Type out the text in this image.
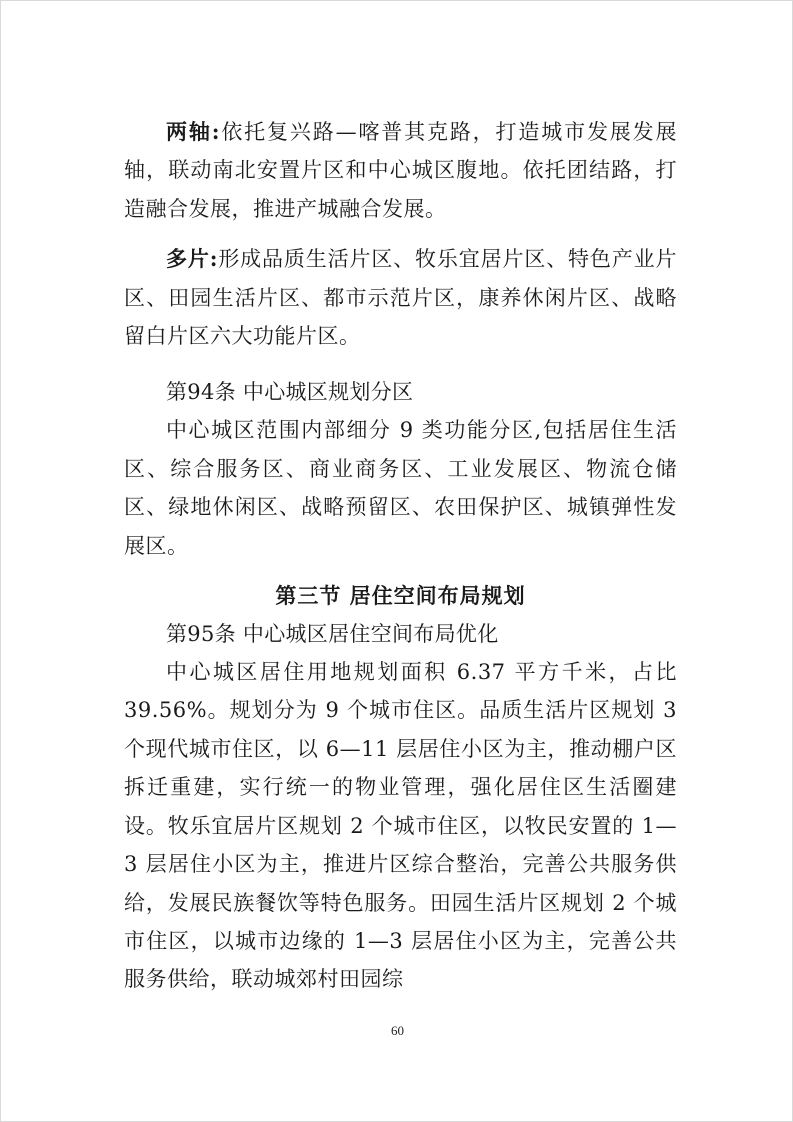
两轴:依托复兴路—喀普其克路，打造城市发展发展轴，联动南北安置片区和中心城区腹地。依托团结路，打造融合发展，推进产城融合发展。

多片:形成品质生活片区、牧乐宜居片区、特色产业片区、田园生活片区、都市示范片区，康养休闲片区、战略留白片区六大功能片区。

第94条 中心城区规划分区

中心城区范围内部细分 9 类功能分区,包括居住生活区、综合服务区、商业商务区、工业发展区、物流仓储区、绿地休闲区、战略预留区、农田保护区、城镇弹性发展区。

第三节 居住空间布局规划

第95条 中心城区居住空间布局优化

中心城区居住用地规划面积 6.37 平方千米，占比 39.56%。规划分为 9 个城市住区。品质生活片区规划 3 个现代城市住区，以 6—11 层居住小区为主，推动棚户区拆迁重建，实行统一的物业管理，强化居住区生活圈建设。牧乐宜居片区规划 2 个城市住区，以牧民安置的 1—3 层居住小区为主，推进片区综合整治，完善公共服务供给，发展民族餐饮等特色服务。田园生活片区规划 2 个城市住区，以城市边缘的 1—3 层居住小区为主，完善公共服务供给，联动城郊村田园综

60
